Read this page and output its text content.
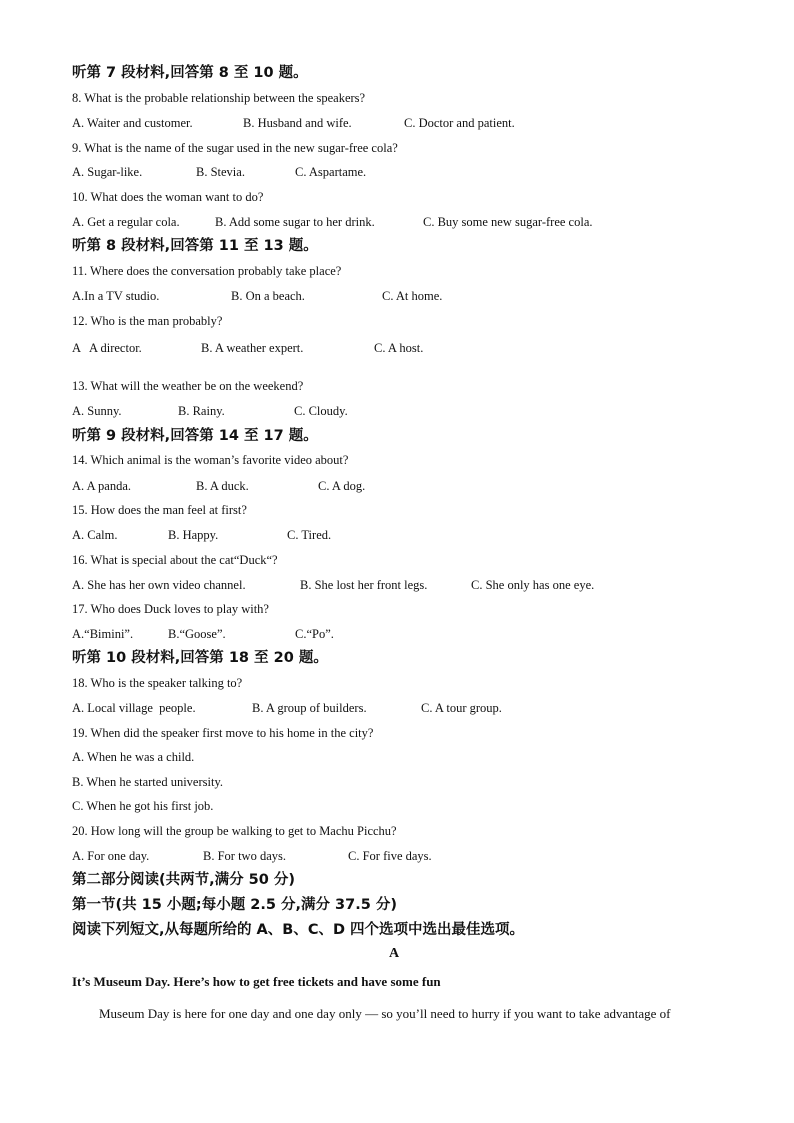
听第 7 段材料,回答第 8 至 10 题。
8. What is the probable relationship between the speakers?
A. Waiter and customer.	B. Husband and wife.	C. Doctor and patient.
9. What is the name of the sugar used in the new sugar-free cola?
A. Sugar-like.	B. Stevia.	C. Aspartame.
10. What does the woman want to do?
A. Get a regular cola.	B. Add some sugar to her drink.	C. Buy some new sugar-free cola.
听第 8 段材料,回答第 11 至 13 题。
11. Where does the conversation probably take place?
A.In a TV studio.	B. On a beach.	C. At home.
12. Who is the man probably?
A   A director.	B. A weather expert.	C. A host.
13. What will the weather be on the weekend?
A. Sunny.	B. Rainy.	C. Cloudy.
听第 9 段材料,回答第 14 至 17 题。
14. Which animal is the woman’s favorite video about?
A. A panda.	B. A duck.	C. A dog.
15. How does the man feel at first?
A. Calm.	B. Happy.	C. Tired.
16. What is special about the cat“Duck“?
A. She has her own video channel.	B. She lost her front legs.	C. She only has one eye.
17. Who does Duck loves to play with?
A.“Bimini”.	B.“Goose”.	C.“Po”.
听第 10 段材料,回答第 18 至 20 题。
18. Who is the speaker talking to?
A. Local village  people.	B. A group of builders.	C. A tour group.
19. When did the speaker first move to his home in the city?
A. When he was a child.
B. When he started university.
C. When he got his first job.
20. How long will the group be walking to get to Machu Picchu?
A. For one day.	B. For two days.	C. For five days.
第二部分阅读(共两节,满分 50 分)
第一节(共 15 小题;每小题 2.5 分,满分 37.5 分)
阅读下列短文,从每题所给的 A、B、C、D 四个选项中选出最佳选项。
A
It’s Museum Day. Here’s how to get free tickets and have some fun
Museum Day is here for one day and one day only — so you’ll need to hurry if you want to take advantage of
